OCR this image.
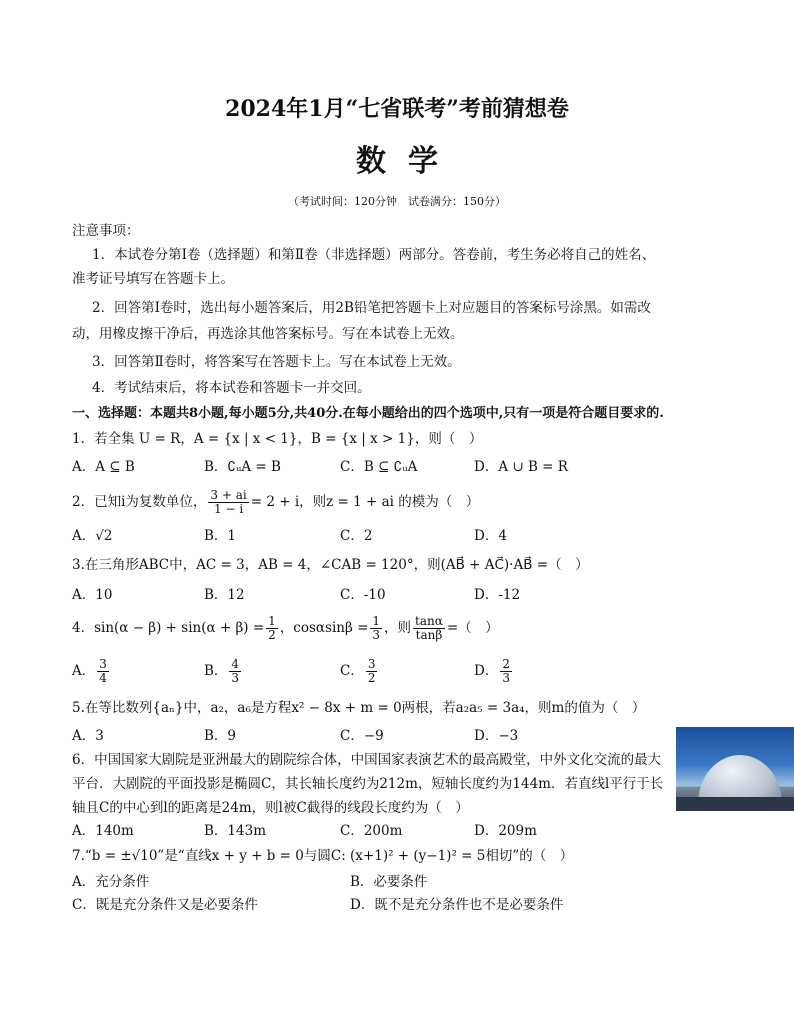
2024年1月“七省联考”考前猜想卷
数学
（考试时间：120分钟　试卷满分：150分）
注意事项：
1．本试卷分第Ⅰ卷（选择题）和第Ⅱ卷（非选择题）两部分。答卷前，考生务必将自己的姓名、
准考证号填写在答题卡上。
2．回答第Ⅰ卷时，选出每小题答案后，用2B铅笔把答题卡上对应题目的答案标号涂黑。如需改
动，用橡皮擦干净后，再选涂其他答案标号。写在本试卷上无效。
3．回答第Ⅱ卷时，将答案写在答题卡上。写在本试卷上无效。
4．考试结束后，将本试卷和答题卡一并交回。
一、选择题：本题共8小题,每小题5分,共40分.在每小题给出的四个选项中,只有一项是符合题目要求的.
1．若全集 U = R，A = {x | x < 1}，B = {x | x > 1}，则（　）
A．A ⊆ B	B．∁ᵤA = B	C．B ⊆ ∁ᵤA	D．A ∪ B = R
2．已知i为复数单位， $\frac{3 + ai}{1 - i} = 2 + i$，则z = 1 + ai 的模为（　）
A．√2	B．1	C．2	D．4
3.在三角形ABC中，AC = 3，AB = 4，∠CAB = 120°，则(AB⃗ + AC⃗)·AB⃗ =（　）
A．10	B．12	C．-10	D．-12
4．$\sin(\alpha - \beta) + \sin(\alpha + \beta) = \frac{1}{2}$ ，$\cos\alpha\sin\beta = \frac{1}{3}$ ，则 $\frac{\tan\alpha}{\tan\beta}$ =（　）
A． $\frac{3}{4}$	B． $\frac{4}{3}$	C． $\frac{3}{2}$	D． $\frac{2}{3}$
5.在等比数列{aₙ}中，a₂，a₆是方程x² − 8x + m = 0两根，若a₂a₅ = 3a₄，则m的值为（　）
A．3	B．9	C．−9	D．−3
6．中国国家大剧院是亚洲最大的剧院综合体，中国国家表演艺术的最高殿堂，中外文化交流的最大
平台．大剧院的平面投影是椭圆C，其长轴长度约为212m，短轴长度约为144m．若直线l平行于长
轴且C的中心到l的距离是24m，则l被C截得的线段长度约为（　）
A．140m	B．143m	C．200m	D．209m
7.“b = ±√10”是“直线x + y + b = 0与圆C: (x+1)² + (y−1)² = 5相切”的（　）
A．充分条件	B．必要条件
C．既是充分条件又是必要条件	D．既不是充分条件也不是必要条件
